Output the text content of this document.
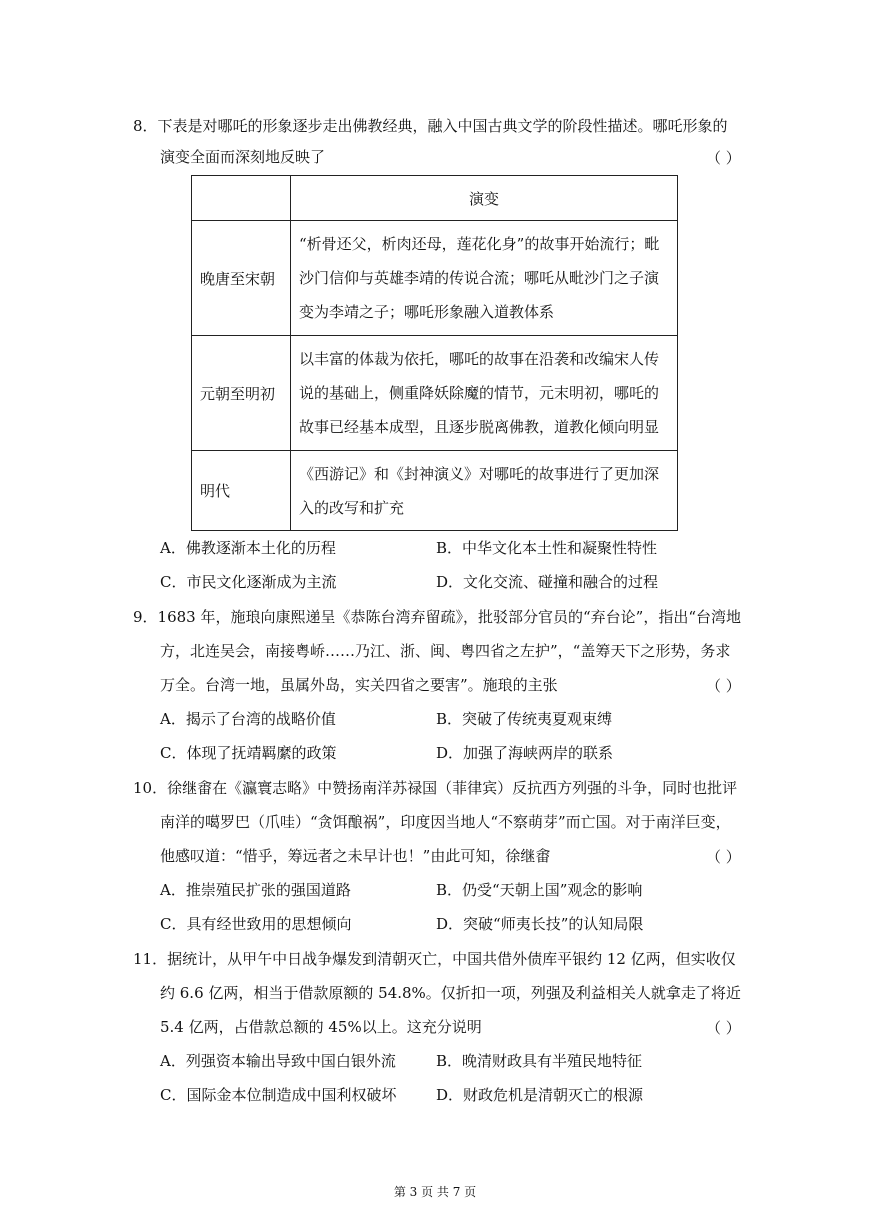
8．下表是对哪吒的形象逐步走出佛教经典，融入中国古典文学的阶段性描述。哪吒形象的
演变全面而深刻地反映了	（ ）
	演变
晚唐至宋朝	“析骨还父，析肉还母，莲花化身”的故事开始流行；毗
沙门信仰与英雄李靖的传说合流；哪吒从毗沙门之子演
变为李靖之子；哪吒形象融入道教体系

元朝至明初	以丰富的体裁为依托，哪吒的故事在沿袭和改编宋人传
说的基础上，侧重降妖除魔的情节，元末明初，哪吒的
故事已经基本成型，且逐步脱离佛教，道教化倾向明显

明代	《西游记》和《封神演义》对哪吒的故事进行了更加深
入的改写和扩充
A．佛教逐渐本土化的历程	B．中华文化本土性和凝聚性特性
C．市民文化逐渐成为主流	D．文化交流、碰撞和融合的过程
9．1683 年，施琅向康熙递呈《恭陈台湾弃留疏》，批驳部分官员的“弃台论”，指出“台湾地
方，北连吴会，南接粤峤……乃江、浙、闽、粤四省之左护”，“盖筹天下之形势，务求
万全。台湾一地，虽属外岛，实关四省之要害”。施琅的主张	（ ）
A．揭示了台湾的战略价值	B．突破了传统夷夏观束缚
C．体现了抚靖羁縻的政策	D．加强了海峡两岸的联系
10．徐继畬在《瀛寰志略》中赞扬南洋苏禄国（菲律宾）反抗西方列强的斗争，同时也批评
南洋的噶罗巴（爪哇）“贪饵酿祸”，印度因当地人“不察萌芽”而亡国。对于南洋巨变，
他感叹道：“惜乎，筹远者之未早计也！”由此可知，徐继畬	（ ）
A．推崇殖民扩张的强国道路	B．仍受“天朝上国”观念的影响
C．具有经世致用的思想倾向	D．突破“师夷长技”的认知局限
11．据统计，从甲午中日战争爆发到清朝灭亡，中国共借外债库平银约 12 亿两，但实收仅
约 6.6 亿两，相当于借款原额的 54.8%。仅折扣一项，列强及利益相关人就拿走了将近
5.4 亿两，占借款总额的 45%以上。这充分说明	（ ）
A．列强资本输出导致中国白银外流	B．晚清财政具有半殖民地特征
C．国际金本位制造成中国利权破坏	D．财政危机是清朝灭亡的根源
第 3 页 共 7 页
